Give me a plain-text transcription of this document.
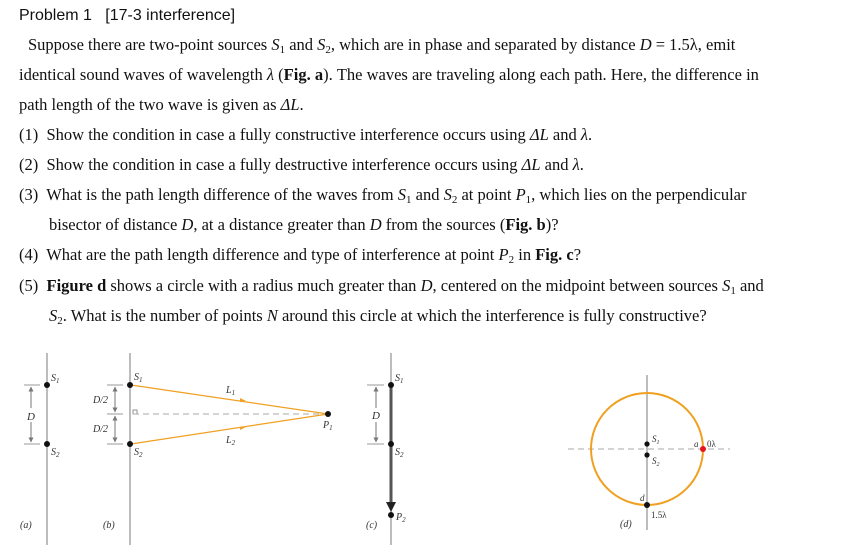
Problem 1 [17-3 interference]
Suppose there are two-point sources $S_1$ and $S_2$, which are in phase and separated by distance D = 1.5λ, emit
identical sound waves of wavelength λ (Fig. a). The waves are traveling along each path. Here, the difference in
path length of the two wave is given as ΔL.
(1) Show the condition in case a fully constructive interference occurs using ΔL and λ.
(2) Show the condition in case a fully destructive interference occurs using ΔL and λ.
(3) What is the path length difference of the waves from $S_1$ and $S_2$ at point $P_1$, which lies on the perpendicular
bisector of distance D, at a distance greater than D from the sources (Fig. b)?
(4) What are the path length difference and type of interference at point $P_2$ in Fig. c?
(5) Figure d shows a circle with a radius much greater than D, centered on the midpoint between sources $S_1$ and
$S_2$. What is the number of points N around this circle at which the interference is fully constructive?
D
$S_1$
$S_2$
(a)
D/2
D/2
$L_1$
$L_2$
$S_1$
$S_2$
$P_1$
(b)
D
$S_1$
$S_2$
$P_2$
(c)
$S_1$
$S_2$
a 0λ
d
1.5λ
(d)
